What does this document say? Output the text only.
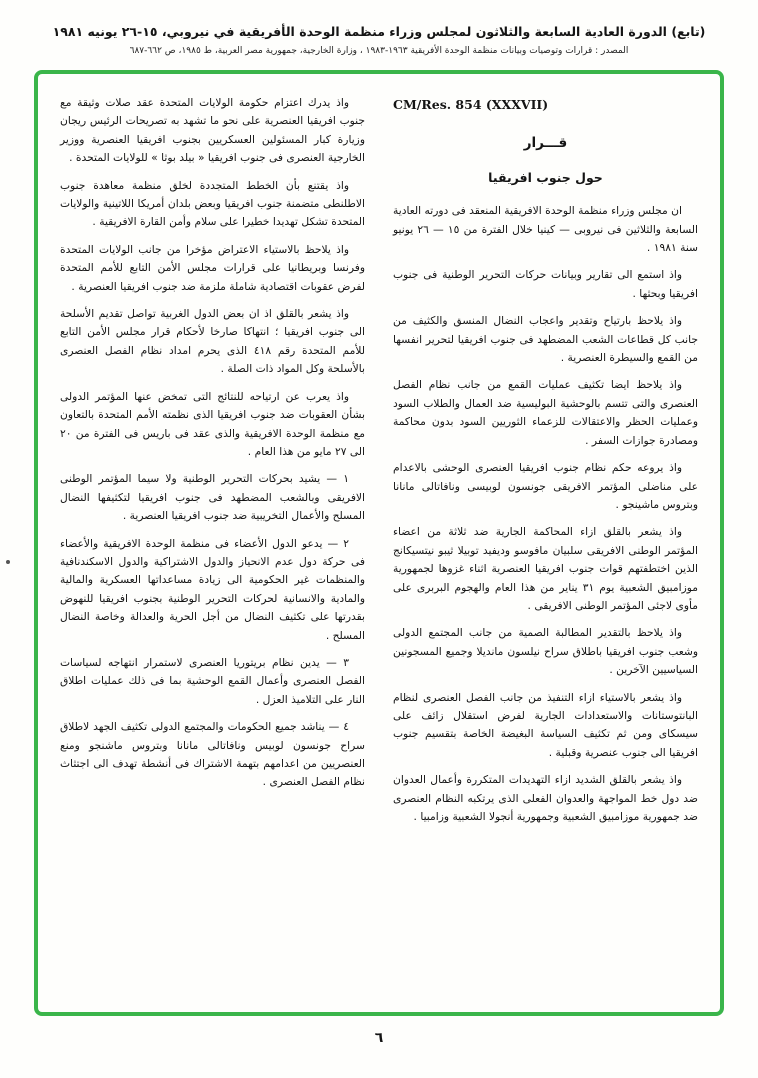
(تابع) الدورة العادية السابعة والثلاثون لمجلس وزراء منظمة الوحدة الأفريقية في نيروبي، ١٥-٢٦ يونيه ١٩٨١
المصدر : قرارات وتوصيات وبيانات منظمة الوحدة الأفريقية ١٩٦٣-١٩٨٣ ، وزارة الخارجية، جمهورية مصر العربية، ط ١٩٨٥، ص ٦٦٢-٦٨٧
CM/Res. 854 (XXXVII)
قـــرار
حول جنوب افريقيا

ان مجلس وزراء منظمة الوحدة الافريقية المنعقد فى دورته العادية السابعة والثلاثين فى نيروبى — كينيا خلال الفترة من ١٥ — ٢٦ يونيو سنة ١٩٨١ .

واذ استمع الى تقارير وبيانات حركات التحرير الوطنية فى جنوب افريقيا وبحثها .

واذ يلاحظ بارتياح وتقدير واعجاب النضال المنسق والكثيف من جانب كل قطاعات الشعب المضطهد فى جنوب افريقيا لتحرير انفسها من القمع والسيطرة العنصرية .

واذ يلاحظ ايضا تكثيف عمليات القمع من جانب نظام الفصل العنصرى والتى تتسم بالوحشية البوليسية ضد العمال والطلاب السود وعمليات الحظر والاعتقالات للزعماء الثوريين السود بدون محاكمة ومصادرة جوازات السفر .

واذ يروعه حكم نظام جنوب افريقيا العنصرى الوحشى بالاعدام على مناضلى المؤتمر الافريقى جونسون لوبيسى ونافاتالى مانانا وبتروس ماشينجو .

واذ يشعر بالقلق ازاء المحاكمة الجارية ضد ثلاثة من اعضاء المؤتمر الوطنى الافريقى سلبيان مافوسو وديفيد توبيلا ثيبو نيتسيكانج الذين اختطفتهم قوات جنوب افريقيا العنصرية اثناء غزوها لجمهورية موزامبيق الشعبية يوم ٣١ يناير من هذا العام والهجوم البربرى على مأوى لاجئى المؤتمر الوطنى الافريقى .

واذ يلاحظ بالتقدير المطالبة الصمية من جانب المجتمع الدولى وشعب جنوب افريقيا باطلاق سراح نيلسون مانديلا وجميع المسجونين السياسيين الآخرين .

واذ يشعر بالاستياء ازاء التنفيذ من جانب الفصل العنصرى لنظام البانتوستانات والاستعدادات الجارية لفرض استقلال زائف على سيسكاى ومن ثم تكثيف السياسة البغيضة الخاصة بتقسيم جنوب افريقيا الى جنوب عنصرية وقبلية .

واذ يشعر بالقلق الشديد ازاء التهديدات المتكررة وأعمال العدوان ضد دول خط المواجهة والعدوان الفعلى الذى يرتكبه النظام العنصرى ضد جمهورية موزامبيق الشعبية وجمهورية أنجولا الشعبية وزامبيا .

واذ يدرك اعتزام حكومة الولايات المتحدة عقد صلات وثيقة مع جنوب افريقيا العنصرية على نحو ما تشهد به تصريحات الرئيس ريجان وزيارة كبار المسئولين العسكريين بجنوب افريقيا العنصرية ووزير الخارجية العنصرى فى جنوب افريقيا « بيلد بوثا » للولايات المتحدة .

واذ يقتنع بأن الخطط المتجددة لخلق منظمة معاهدة جنوب الاطلنطى متضمنة جنوب افريقيا وبعض بلدان أمريكا اللاتينية والولايات المتحدة تشكل تهديدا خطيرا على سلام وأمن القارة الافريقية .

واذ يلاحظ بالاستياء الاعتراض مؤخرا من جانب الولايات المتحدة وفرنسا وبريطانيا على قرارات مجلس الأمن التابع للأمم المتحدة لفرض عقوبات اقتصادية شاملة ملزمة ضد جنوب افريقيا العنصرية .

واذ يشعر بالقلق اذ ان بعض الدول الغربية تواصل تقديم الأسلحة الى جنوب افريقيا ؛ انتهاكا صارخا لأحكام قرار مجلس الأمن التابع للأمم المتحدة رقم ٤١٨ الذى يحرم امداد نظام الفصل العنصرى بالأسلحة وكل المواد ذات الصلة .

واذ يعرب عن ارتياحه للنتائج التى تمخض عنها المؤتمر الدولى بشأن العقوبات ضد جنوب افريقيا الذى نظمته الأمم المتحدة بالتعاون مع منظمة الوحدة الافريقية والذى عقد فى باريس فى الفترة من ٢٠ الى ٢٧ مايو من هذا العام .

١ — يشيد بحركات التحرير الوطنية ولا سيما المؤتمر الوطنى الافريقى وبالشعب المضطهد فى جنوب افريقيا لتكثيفها النضال المسلح والأعمال التخريبية ضد جنوب افريقيا العنصرية .

٢ — يدعو الدول الأعضاء فى منظمة الوحدة الافريقية والأعضاء فى حركة دول عدم الانحياز والدول الاشتراكية والدول الاسكندنافية والمنظمات غير الحكومية الى زيادة مساعداتها العسكرية والمالية والمادية والانسانية لحركات التحرير الوطنية بجنوب افريقيا للنهوض بقدرتها على تكثيف النضال من أجل الحرية والعدالة وخاصة النضال المسلح .

٣ — يدين نظام بريتوريا العنصرى لاستمرار انتهاجه لسياسات الفصل العنصرى وأعمال القمع الوحشية بما فى ذلك عمليات اطلاق النار على التلاميذ العزل .

٤ — يناشد جميع الحكومات والمجتمع الدولى تكثيف الجهد لاطلاق سراح جونسون لوبيس ونافاتالى مانانا وبتروس ماشنجو ومنع العنصريين من اعدامهم بتهمة الاشتراك فى أنشطة تهدف الى اجتثاث نظام الفصل العنصرى .

٦
